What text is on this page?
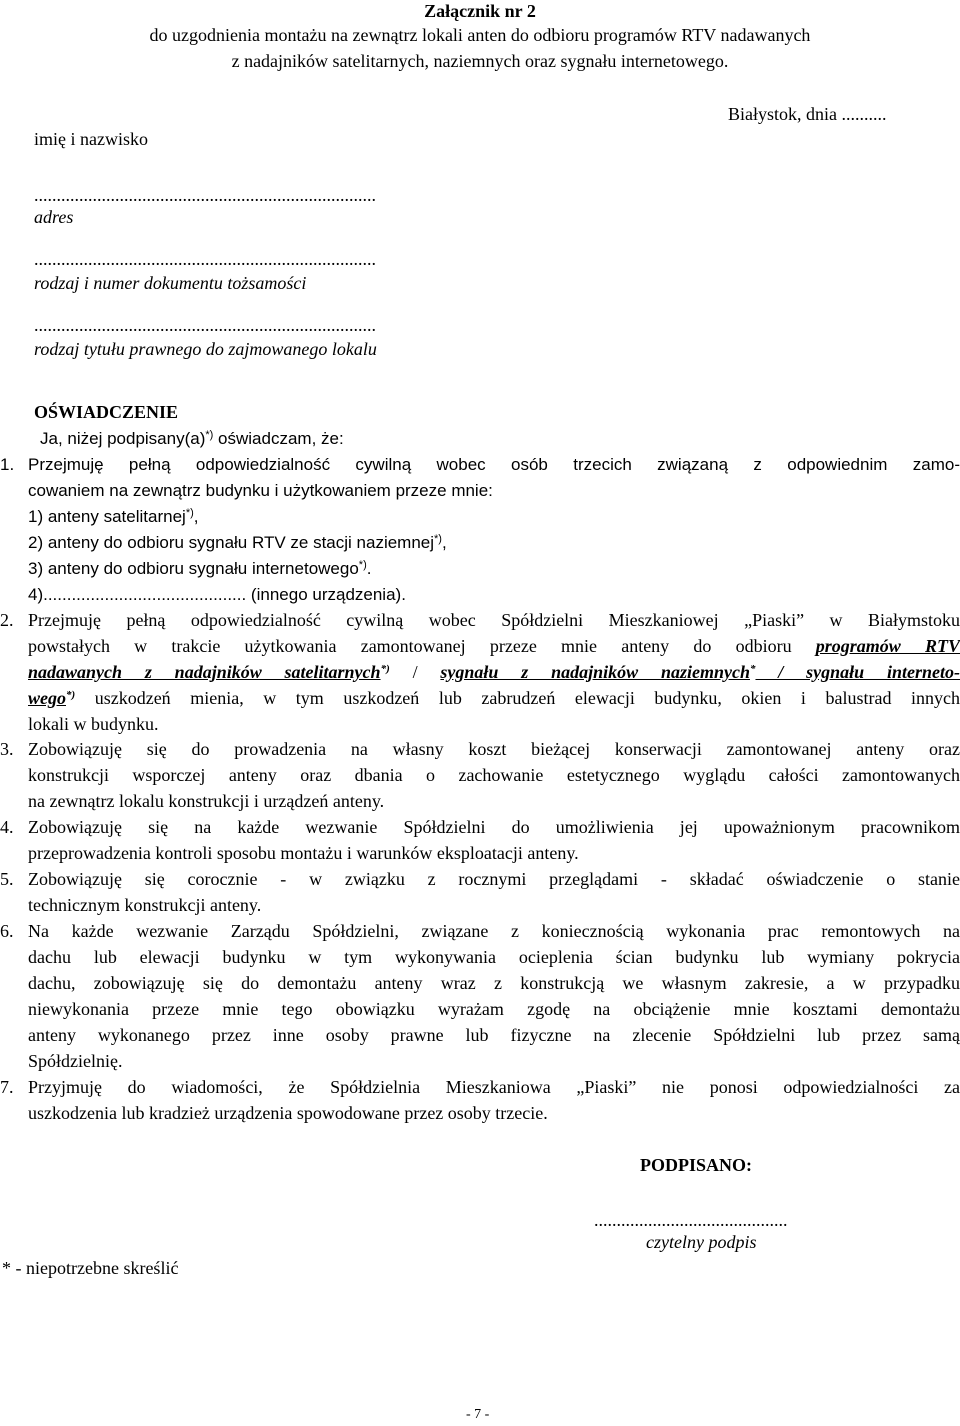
Załącznik nr 2
do uzgodnienia montażu na zewnątrz lokali anten do odbioru programów RTV nadawanych
z nadajników satelitarnych, naziemnych oraz sygnału internetowego.
Białystok, dnia ..........
imię i nazwisko
............................................................................
adres
............................................................................
rodzaj i numer dokumentu tożsamości
............................................................................
rodzaj tytułu prawnego do zajmowanego lokalu
OŚWIADCZENIE
Ja, niżej podpisany(a)*) oświadczam, że:
1. Przejmuję pełną odpowiedzialność cywilną wobec osób trzecich związaną z odpowiednim zamo-
cowaniem na zewnątrz budynku i użytkowaniem przeze mnie:
1) anteny satelitarnej*),
2) anteny do odbioru sygnału RTV ze stacji naziemnej*),
3) anteny do odbioru sygnału internetowego*).
4)........................................... (innego urządzenia).
2. Przejmuję pełną odpowiedzialność cywilną wobec Spółdzielni Mieszkaniowej „Piaski” w Białymstoku
powstałych w trakcie użytkowania zamontowanej przeze mnie anteny do odbioru programów RTV
nadawanych z nadajników satelitarnych*) / sygnału z nadajników naziemnych* / sygnału interneto-
wego*) uszkodzeń mienia, w tym uszkodzeń lub zabrudzeń elewacji budynku, okien i balustrad innych
lokali w budynku.
3. Zobowiązuję się do prowadzenia na własny koszt bieżącej konserwacji zamontowanej anteny oraz
konstrukcji wsporczej anteny oraz dbania o zachowanie estetycznego wyglądu całości zamontowanych
na zewnątrz lokalu konstrukcji i urządzeń anteny.
4. Zobowiązuję się na każde wezwanie Spółdzielni do umożliwienia jej upoważnionym pracownikom
przeprowadzenia kontroli sposobu montażu i warunków eksploatacji anteny.
5. Zobowiązuję się corocznie - w związku z rocznymi przeglądami - składać oświadczenie o stanie
technicznym konstrukcji anteny.
6. Na każde wezwanie Zarządu Spółdzielni, związane z koniecznością wykonania prac remontowych na
dachu lub elewacji budynku w tym wykonywania ocieplenia ścian budynku lub wymiany pokrycia
dachu, zobowiązuję się do demontażu anteny wraz z konstrukcją we własnym zakresie, a w przypadku
niewykonania przeze mnie tego obowiązku wyrażam zgodę na obciążenie mnie kosztami demontażu
anteny wykonanego przez inne osoby prawne lub fizyczne na zlecenie Spółdzielni lub przez samą
Spółdzielnię.
7. Przyjmuję do wiadomości, że Spółdzielnia Mieszkaniowa „Piaski” nie ponosi odpowiedzialności za
uszkodzenia lub kradzież urządzenia spowodowane przez osoby trzecie.
PODPISANO:
...........................................
czytelny podpis
* - niepotrzebne skreślić
- 7 -
